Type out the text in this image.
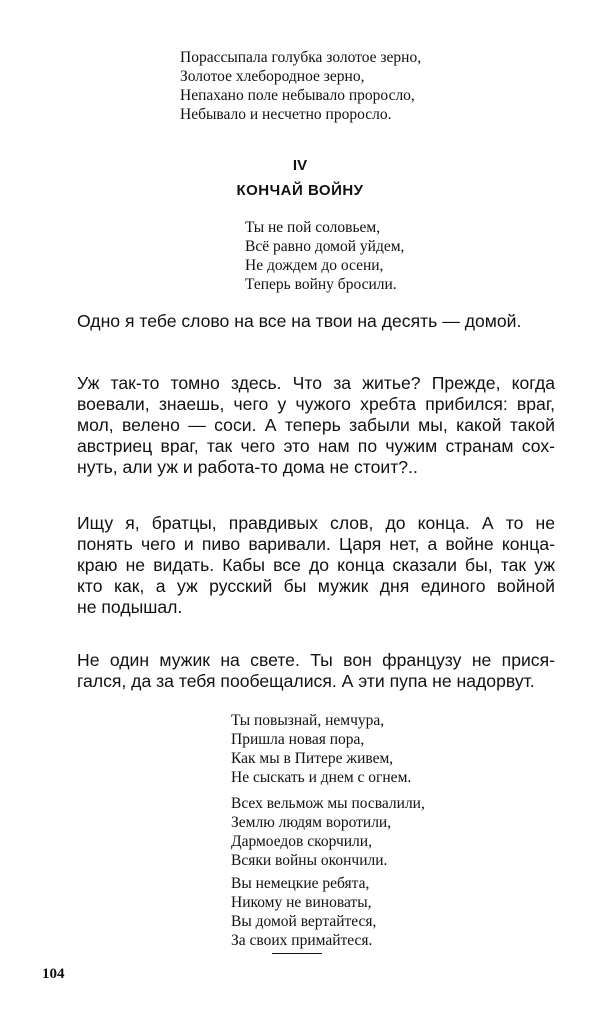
Порассыпала голубка золотое зерно,
Золотое хлебородное зерно,
Непахано поле небывало проросло,
Небывало и несчетно проросло.
IV
КОНЧАЙ ВОЙНУ
Ты не пой соловьем,
Всё равно домой уйдем,
Не дождем до осени,
Теперь войну бросили.
Одно я тебе слово на все на твои на десять — домой.
Уж так-то томно здесь. Что за житье? Прежде, когда
воевали, знаешь, чего у чужого хребта прибился: враг,
мол, велено — соси. А теперь забыли мы, какой такой
австриец враг, так чего это нам по чужим странам сох-
нуть, али уж и работа-то дома не стоит?..
Ищу я, братцы, правдивых слов, до конца. А то не
понять чего и пиво варивали. Царя нет, а войне конца-
краю не видать. Кабы все до конца сказали бы, так уж
кто как, а уж русский бы мужик дня единого войной
не подышал.
Не один мужик на свете. Ты вон французу не прися-
гался, да за тебя пообещалися. А эти пупа не надорвут.
Ты повызнай, немчура,
Пришла новая пора,
Как мы в Питере живем,
Не сыскать и днем с огнем.
Всех вельмож мы посвалили,
Землю людям воротили,
Дармоедов скорчили,
Всяки войны окончили.
Вы немецкие ребята,
Никому не виноваты,
Вы домой вертайтеся,
За своих примайтеся.
104
